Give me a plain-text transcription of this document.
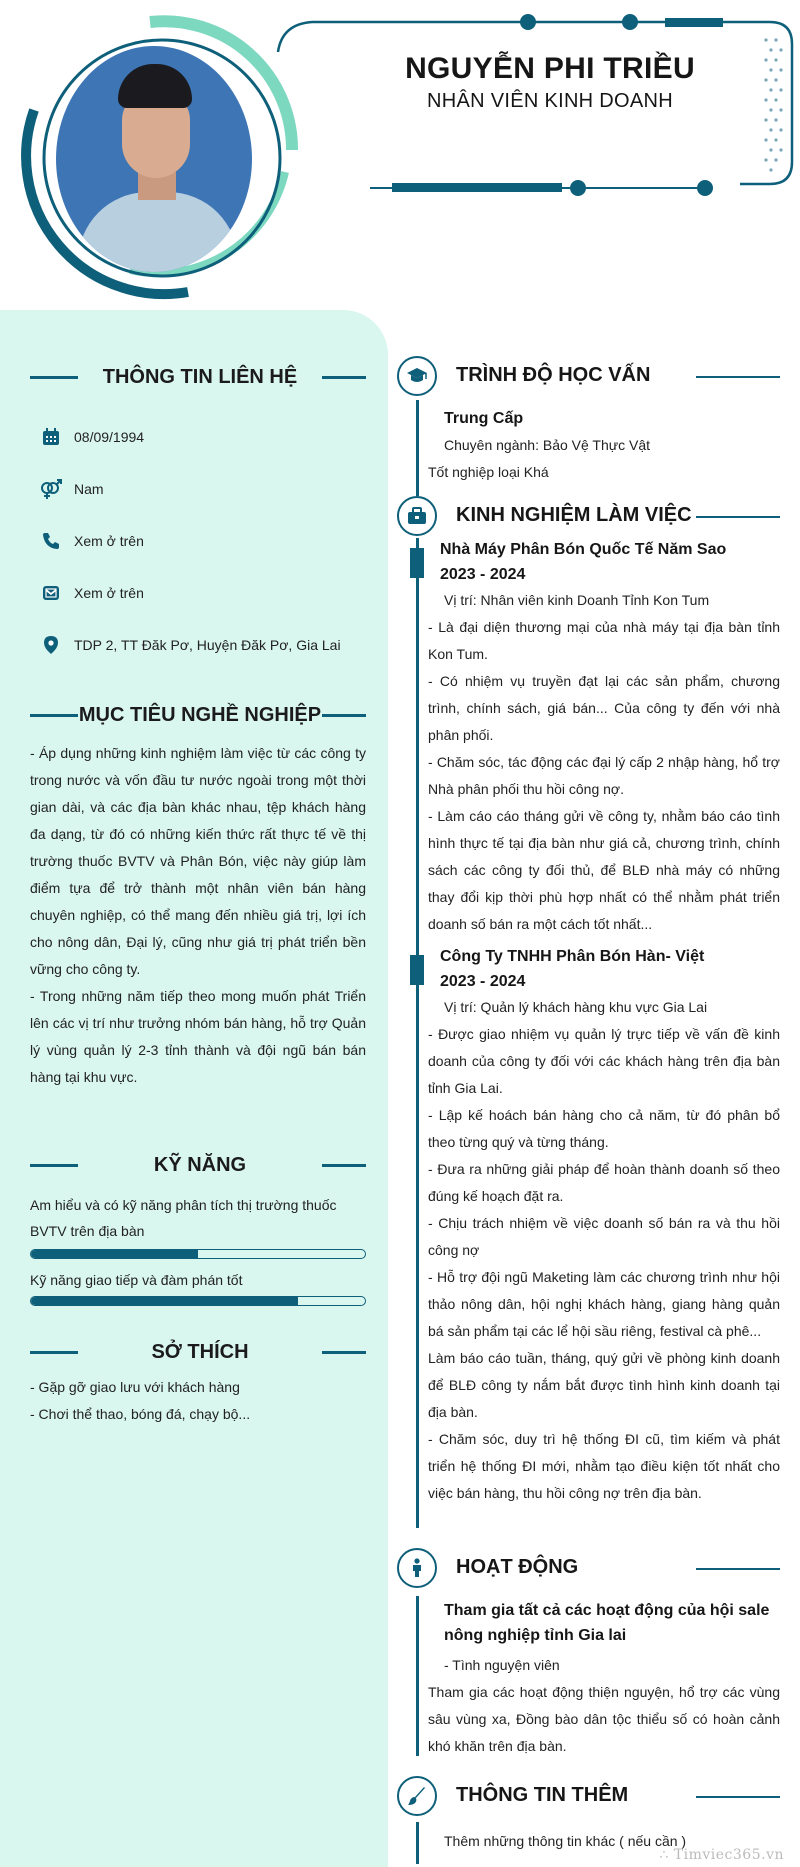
NGUYỄN PHI TRIỀU
NHÂN VIÊN KINH DOANH
THÔNG TIN LIÊN HỆ
08/09/1994
Nam
Xem ở trên
Xem ở trên
TDP 2, TT Đăk Pơ, Huyện Đăk Pơ, Gia Lai
MỤC TIÊU NGHỀ NGHIỆP
- Áp dụng những kinh nghiệm làm việc từ các công ty trong nước và vốn đầu tư nước ngoài trong một thời gian dài, và các địa bàn khác nhau, tệp khách hàng đa dạng, từ đó có những kiến thức rất thực tế về thị trường thuốc BVTV và Phân Bón, việc này giúp làm điểm tựa để trở thành một nhân viên bán hàng chuyên nghiệp, có thể mang đến nhiều giá trị, lợi ích cho nông dân, Đại lý, cũng như giá trị phát triển bền vững cho công ty.
- Trong những năm tiếp theo mong muốn phát Triển lên các vị trí như trưởng nhóm bán hàng, hỗ trợ Quản lý vùng quản lý 2-3 tỉnh thành và đội ngũ bán bán hàng tại khu vực.
KỸ NĂNG
Am hiểu và có kỹ năng phân tích thị trường thuốc BVTV trên địa bàn
Kỹ năng giao tiếp và đàm phán tốt
SỞ THÍCH
- Gặp gỡ giao lưu với khách hàng
- Chơi thể thao, bóng đá, chạy bộ...
TRÌNH ĐỘ HỌC VẤN
Trung Cấp
Chuyên ngành: Bảo Vệ Thực Vật
Tốt nghiệp loại Khá
KINH NGHIỆM LÀM VIỆC
Nhà Máy Phân Bón Quốc Tế Năm Sao
2023 - 2024
Vị trí: Nhân viên kinh Doanh Tỉnh Kon Tum
- Là đại diện thương mại của nhà máy tại địa bàn tỉnh Kon Tum.
- Có nhiệm vụ truyền đạt lại các sản phẩm, chương trình, chính sách, giá bán... Của công ty đến với nhà phân phối.
- Chăm sóc, tác động các đại lý cấp 2 nhập hàng, hổ trợ Nhà phân phối thu hồi công nợ.
- Làm cáo cáo tháng gửi về công ty, nhằm báo cáo tình hình thực tế tại địa bàn như giá cả, chương trình, chính sách các công ty đối thủ, để BLĐ nhà máy có những thay đổi kịp thời phù hợp nhất có thể nhằm phát triển doanh số bán ra một cách tốt nhất...
Công Ty TNHH Phân Bón Hàn- Việt
2023 - 2024
Vị trí: Quản lý khách hàng khu vực Gia Lai
- Được giao nhiệm vụ quản lý trực tiếp về vấn đề kinh doanh của công ty đối với các khách hàng trên địa bàn tỉnh Gia Lai.
- Lập kế hoách bán hàng cho cả năm, từ đó phân bổ theo từng quý và từng tháng.
- Đưa ra những giải pháp để hoàn thành doanh số theo đúng kế hoạch đặt ra.
- Chịu trách nhiệm về việc doanh số bán ra và thu hồi công nợ
- Hỗ trợ đội ngũ Maketing làm các chương trình như hội thảo nông dân, hội nghị khách hàng, giang hàng quản bá sản phẩm tại các lể hội sầu riêng, festival cà phê...
Làm báo cáo tuần, tháng, quý gửi về phòng kinh doanh để BLĐ công ty nắm bắt được tình hình kinh doanh tại địa bàn.
- Chăm sóc, duy trì hệ thống ĐI cũ, tìm kiếm và phát triển hệ thống ĐI mới, nhằm tạo điều kiện tốt nhất cho việc bán hàng, thu hồi công nợ trên địa bàn.
HOẠT ĐỘNG
Tham gia tất cả các hoạt động của hội sale nông nghiệp tỉnh Gia lai
- Tình nguyện viên
Tham gia các hoạt động thiện nguyện, hổ trợ các vùng sâu vùng xa, Đồng bào dân tộc thiểu số có hoàn cảnh khó khăn trên địa bàn.
THÔNG TIN THÊM
Thêm những thông tin khác ( nếu cần )
∴ Timviec365.vn
